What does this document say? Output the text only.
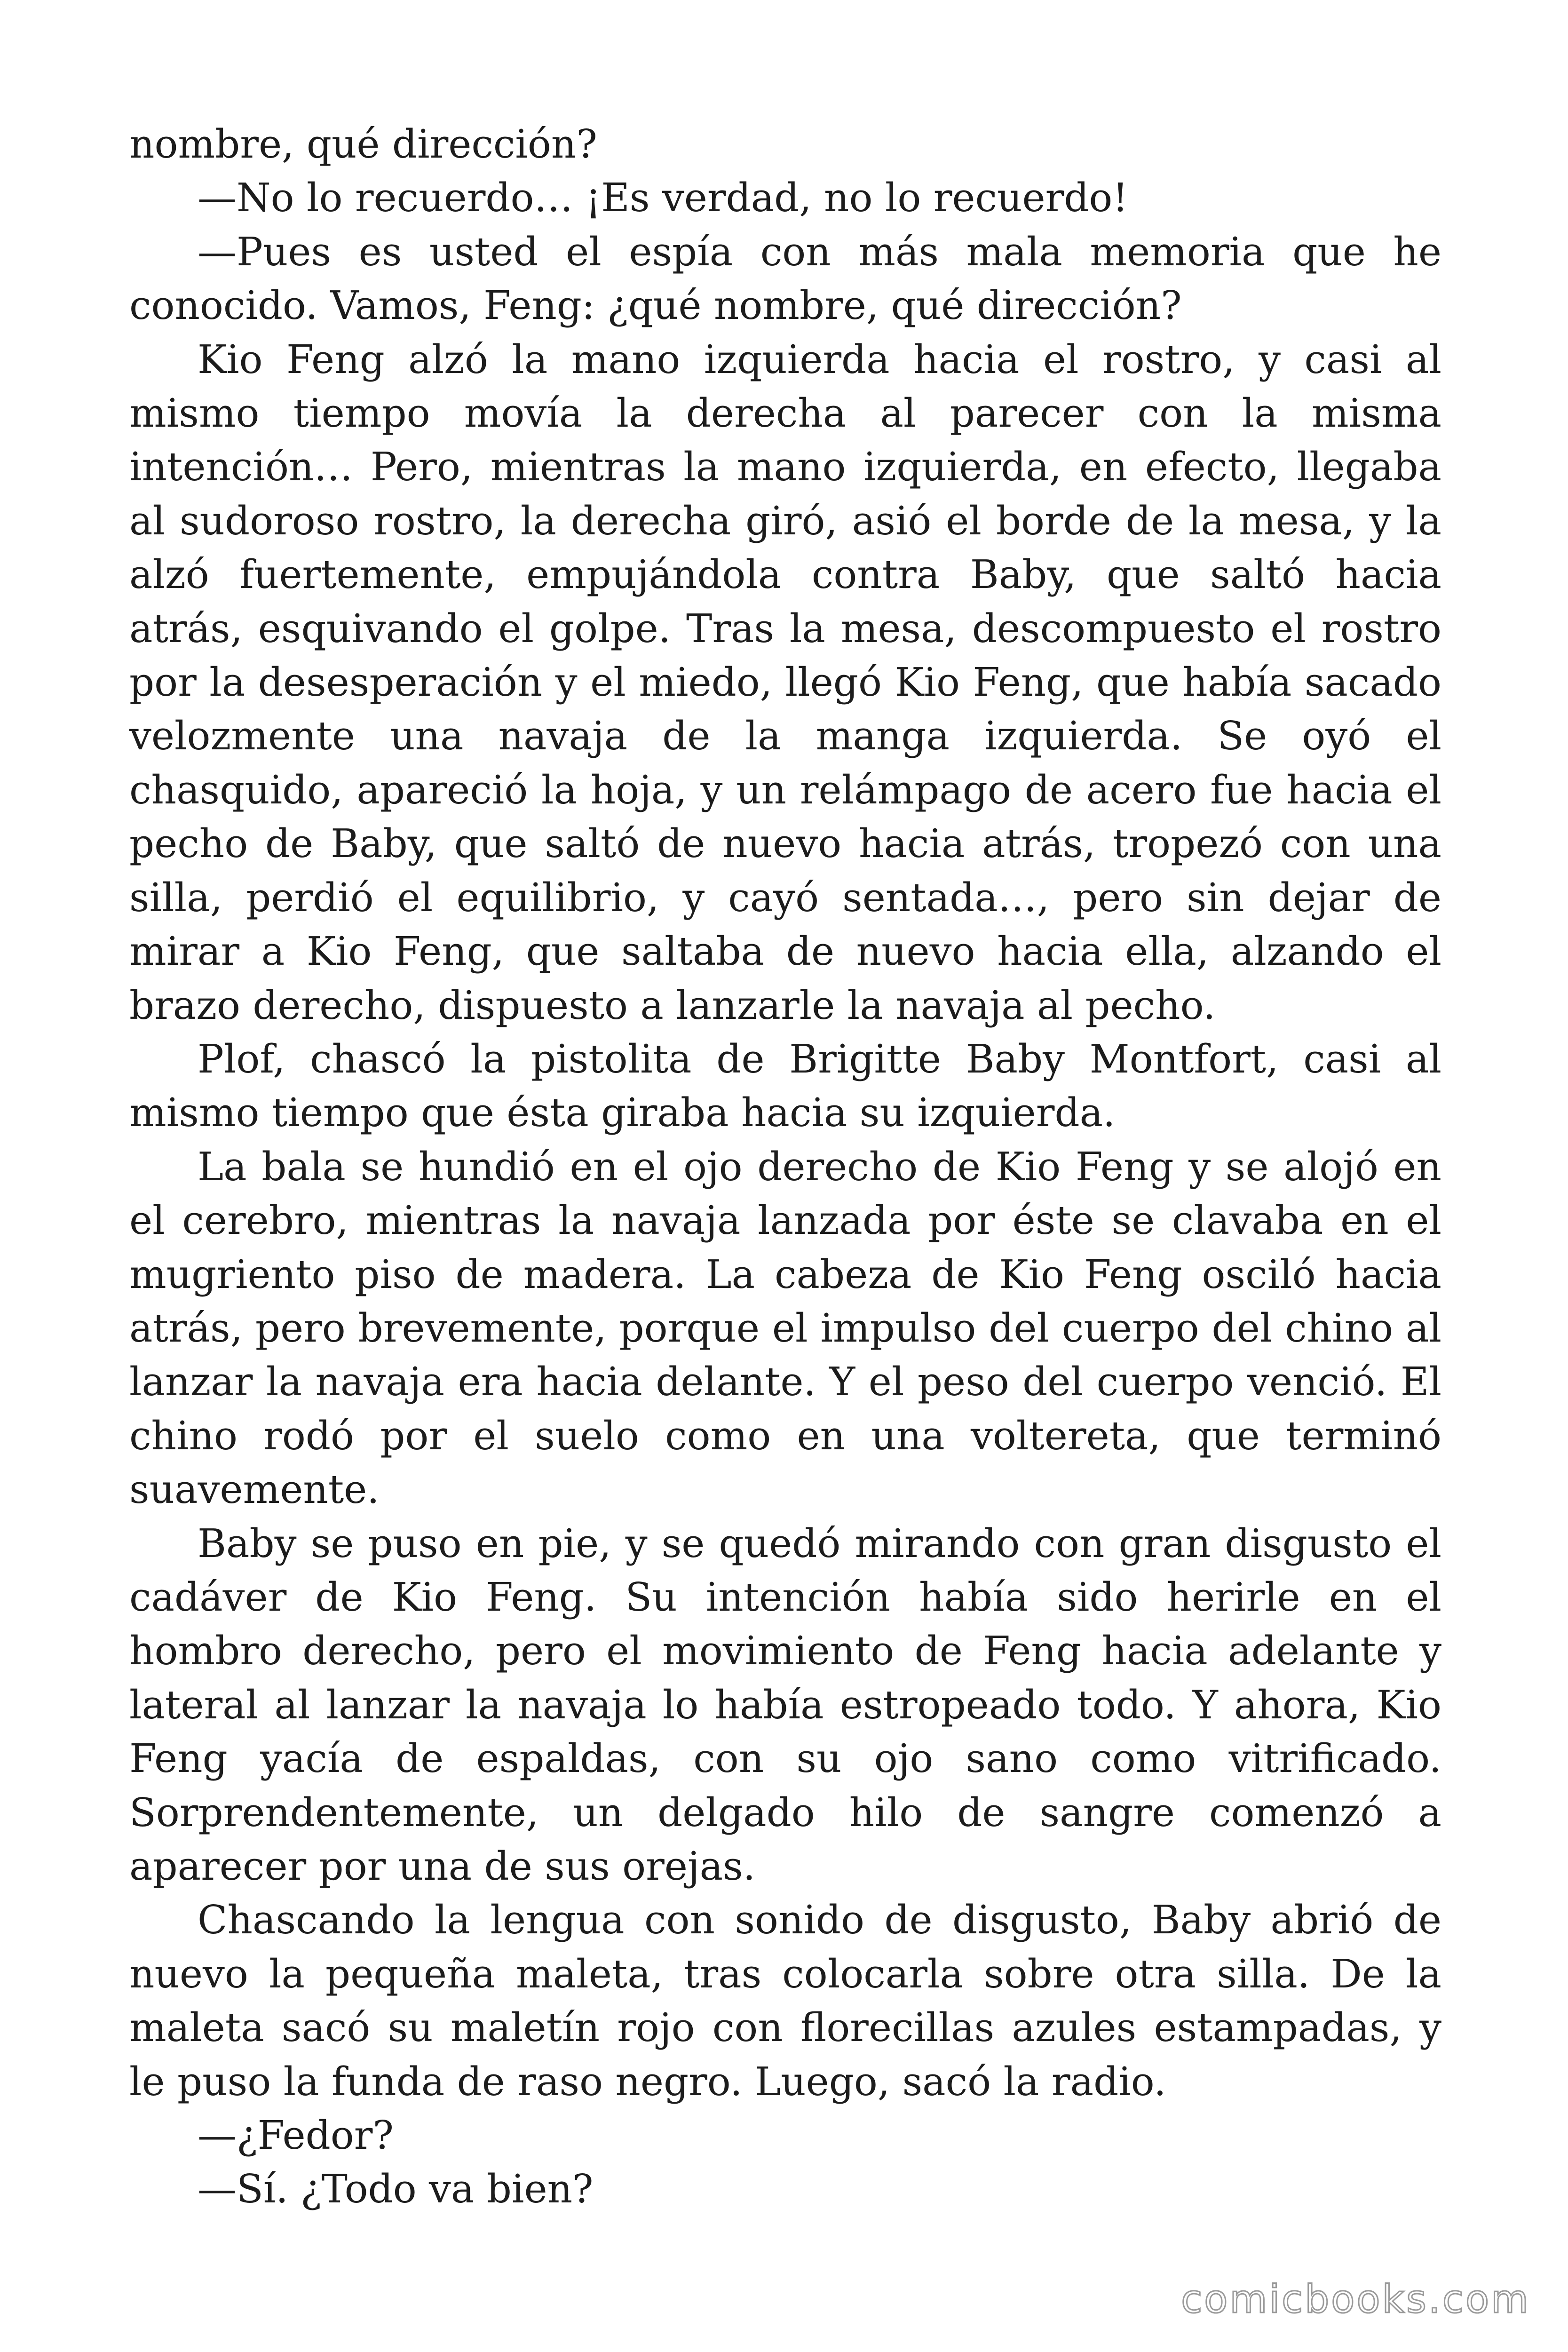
nombre, qué dirección?

—No lo recuerdo… ¡Es verdad, no lo recuerdo!

—Pues es usted el espía con más mala memoria que he conocido. Vamos, Feng: ¿qué nombre, qué dirección?

Kio Feng alzó la mano izquierda hacia el rostro, y casi al mismo tiempo movía la derecha al parecer con la misma intención… Pero, mientras la mano izquierda, en efecto, llegaba al sudoroso rostro, la derecha giró, asió el borde de la mesa, y la alzó fuertemente, empujándola contra Baby, que saltó hacia atrás, esquivando el golpe. Tras la mesa, descompuesto el rostro por la desesperación y el miedo, llegó Kio Feng, que había sacado velozmente una navaja de la manga izquierda. Se oyó el chasquido, apareció la hoja, y un relámpago de acero fue hacia el pecho de Baby, que saltó de nuevo hacia atrás, tropezó con una silla, perdió el equilibrio, y cayó sentada…, pero sin dejar de mirar a Kio Feng, que saltaba de nuevo hacia ella, alzando el brazo derecho, dispuesto a lanzarle la navaja al pecho.

Plof, chascó la pistolita de Brigitte Baby Montfort, casi al mismo tiempo que ésta giraba hacia su izquierda.

La bala se hundió en el ojo derecho de Kio Feng y se alojó en el cerebro, mientras la navaja lanzada por éste se clavaba en el mugriento piso de madera. La cabeza de Kio Feng osciló hacia atrás, pero brevemente, porque el impulso del cuerpo del chino al lanzar la navaja era hacia delante. Y el peso del cuerpo venció. El chino rodó por el suelo como en una voltereta, que terminó suavemente.

Baby se puso en pie, y se quedó mirando con gran disgusto el cadáver de Kio Feng. Su intención había sido herirle en el hombro derecho, pero el movimiento de Feng hacia adelante y lateral al lanzar la navaja lo había estropeado todo. Y ahora, Kio Feng yacía de espaldas, con su ojo sano como vitrificado. Sorprendentemente, un delgado hilo de sangre comenzó a aparecer por una de sus orejas.

Chascando la lengua con sonido de disgusto, Baby abrió de nuevo la pequeña maleta, tras colocarla sobre otra silla. De la maleta sacó su maletín rojo con florecillas azules estampadas, y le puso la funda de raso negro. Luego, sacó la radio.

—¿Fedor?

—Sí. ¿Todo va bien?

comicbooks.com
